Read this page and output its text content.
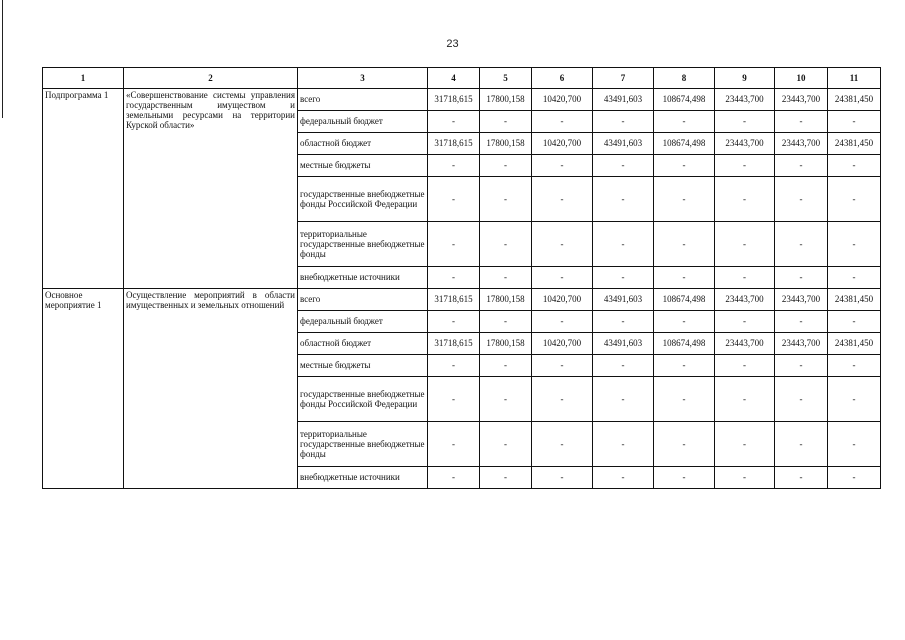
23
1	2	3	4	5	6	7	8	9	10	11
Подпрограмма 1	«Совершенствование системы управления государственным имуществом и земельными ресурсами на территории Курской области»	всего	31718,615	17800,158	10420,700	43491,603	108674,498	23443,700	23443,700	24381,450
		федеральный бюджет	-	-	-	-	-	-	-	-
		областной бюджет	31718,615	17800,158	10420,700	43491,603	108674,498	23443,700	23443,700	24381,450
		местные бюджеты	-	-	-	-	-	-	-	-
		государственные внебюджетные фонды Российской Федерации	-	-	-	-	-	-	-	-
		территориальные государственные внебюджетные фонды	-	-	-	-	-	-	-	-
		внебюджетные источники	-	-	-	-	-	-	-	-
Основное мероприятие 1	Осуществление мероприятий в области имущественных и земельных отношений	всего	31718,615	17800,158	10420,700	43491,603	108674,498	23443,700	23443,700	24381,450
		федеральный бюджет	-	-	-	-	-	-	-	-
		областной бюджет	31718,615	17800,158	10420,700	43491,603	108674,498	23443,700	23443,700	24381,450
		местные бюджеты	-	-	-	-	-	-	-	-
		государственные внебюджетные фонды Российской Федерации	-	-	-	-	-	-	-	-
		территориальные государственные внебюджетные фонды	-	-	-	-	-	-	-	-
		внебюджетные источники	-	-	-	-	-	-	-	-
